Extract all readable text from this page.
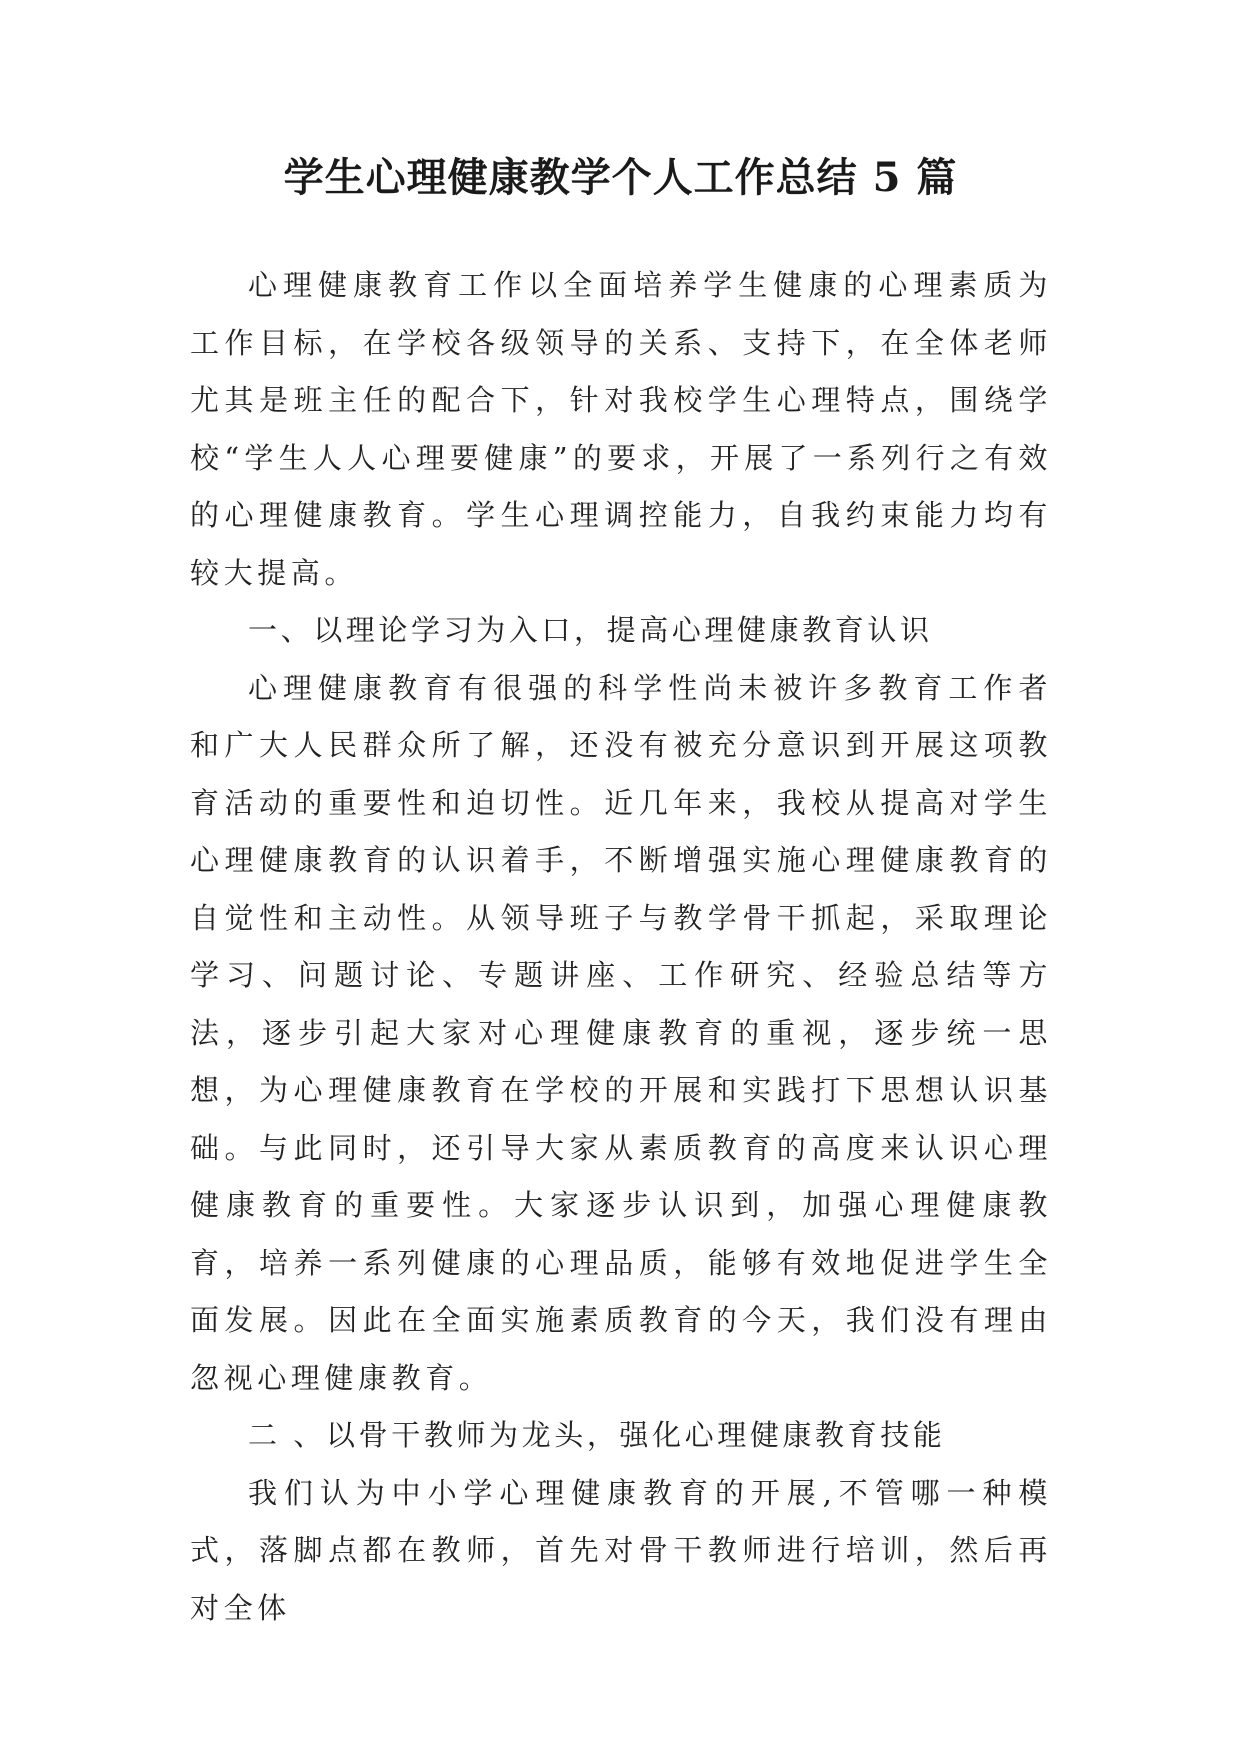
学生心理健康教学个人工作总结 5 篇

心理健康教育工作以全面培养学生健康的心理素质为工作目标，在学校各级领导的关系、支持下，在全体老师尤其是班主任的配合下，针对我校学生心理特点，围绕学校“学生人人心理要健康”的要求，开展了一系列行之有效的心理健康教育。学生心理调控能力，自我约束能力均有较大提高。

一、以理论学习为入口，提高心理健康教育认识

心理健康教育有很强的科学性尚未被许多教育工作者和广大人民群众所了解，还没有被充分意识到开展这项教育活动的重要性和迫切性。近几年来，我校从提高对学生心理健康教育的认识着手，不断增强实施心理健康教育的自觉性和主动性。从领导班子与教学骨干抓起，采取理论学习、问题讨论、专题讲座、工作研究、经验总结等方法，逐步引起大家对心理健康教育的重视，逐步统一思想，为心理健康教育在学校的开展和实践打下思想认识基础。与此同时，还引导大家从素质教育的高度来认识心理健康教育的重要性。大家逐步认识到，加强心理健康教育，培养一系列健康的心理品质，能够有效地促进学生全面发展。因此在全面实施素质教育的今天，我们没有理由忽视心理健康教育。

二 、以骨干教师为龙头，强化心理健康教育技能

我们认为中小学心理健康教育的开展,不管哪一种模式，落脚点都在教师，首先对骨干教师进行培训，然后再对全体
